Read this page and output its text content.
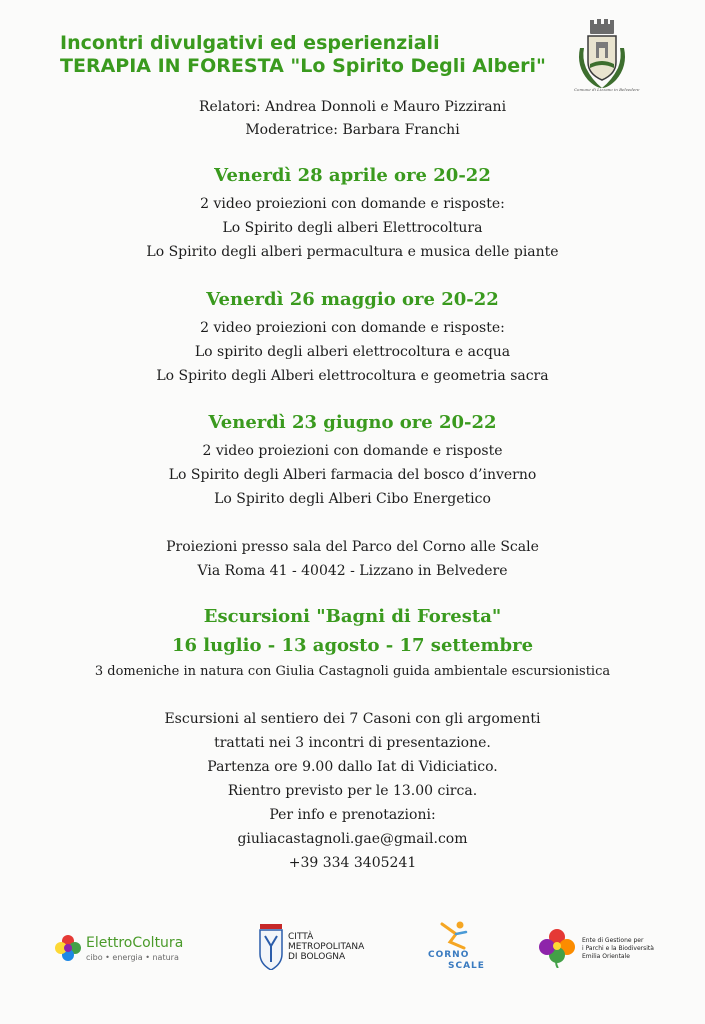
Incontri divulgativi ed esperienziali
TERAPIA IN FORESTA "Lo Spirito Degli Alberi"
Comune di Lizzano in Belvedere
Relatori: Andrea Donnoli e Mauro Pizzirani
Moderatrice: Barbara Franchi
Venerdì 28 aprile ore 20-22
2 video proiezioni con domande e risposte:
Lo Spirito degli alberi Elettrocoltura
Lo Spirito degli alberi permacultura e musica delle piante
Venerdì 26 maggio ore 20-22
2 video proiezioni con domande e risposte:
Lo spirito degli alberi elettrocoltura e acqua
Lo Spirito degli Alberi elettrocoltura e geometria sacra
Venerdì 23 giugno ore 20-22
2 video proiezioni con domande e risposte
Lo Spirito degli Alberi farmacia del bosco d’inverno
Lo Spirito degli Alberi Cibo Energetico
Proiezioni presso sala del Parco del Corno alle Scale
Via Roma 41 - 40042 - Lizzano in Belvedere
Escursioni "Bagni di Foresta"
16 luglio - 13 agosto - 17 settembre
3 domeniche in natura con Giulia Castagnoli guida ambientale escursionistica
Escursioni al sentiero dei 7 Casoni con gli argomenti
trattati nei 3 incontri di presentazione.
Partenza ore 9.00 dallo Iat di Vidiciatico.
Rientro previsto per le 13.00 circa.
Per info e prenotazioni:
giuliacastagnoli.gae@gmail.com
+39 334 3405241
ElettroColtura
cibo • energia • natura
CITTÀ
METROPOLITANA
DI BOLOGNA	CORNO
SCALE
Ente di Gestione per
i Parchi e la Biodiversità
Emilia Orientale
